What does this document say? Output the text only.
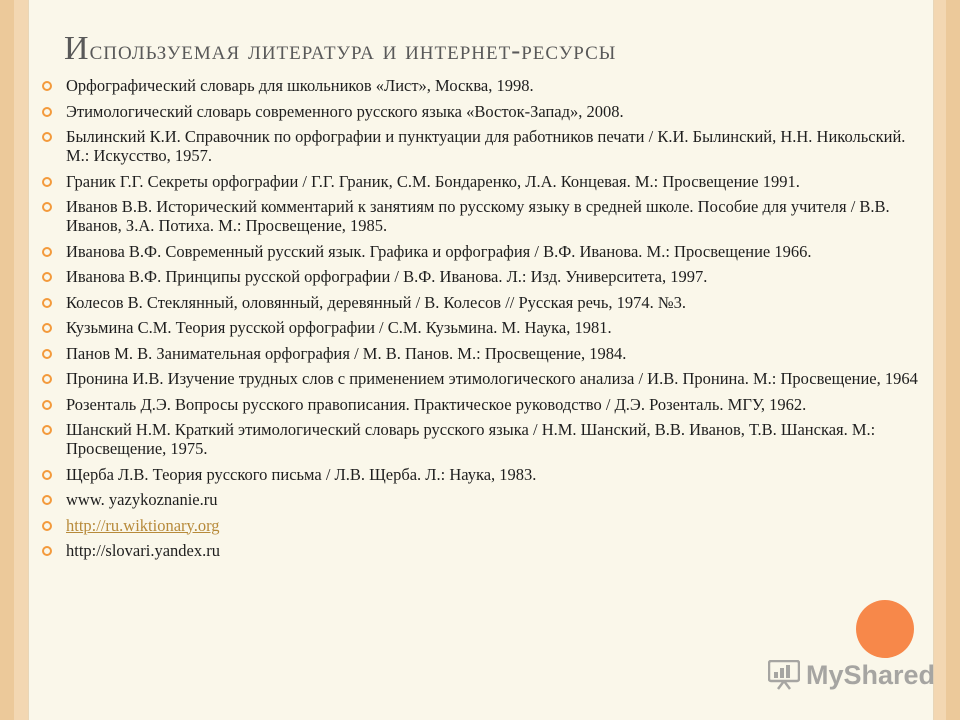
Используемая литература и интернет-ресурсы
Орфографический словарь для школьников «Лист», Москва, 1998.
Этимологический словарь современного русского языка «Восток-Запад», 2008.
Былинский К.И. Справочник по орфографии и пунктуации для работников печати / К.И. Былинский, Н.Н. Никольский. М.: Искусство, 1957.
Граник Г.Г. Секреты орфографии / Г.Г. Граник, С.М. Бондаренко, Л.А. Концевая. М.: Просвещение 1991.
Иванов В.В. Исторический комментарий к занятиям по русскому языку в средней школе. Пособие для учителя / В.В. Иванов, З.А. Потиха. М.: Просвещение, 1985.
Иванова В.Ф. Современный русский язык. Графика и орфография / В.Ф. Иванова. М.: Просвещение 1966.
Иванова В.Ф. Принципы русской орфографии / В.Ф. Иванова. Л.: Изд. Университета, 1997.
Колесов В. Стеклянный, оловянный, деревянный / В. Колесов // Русская речь, 1974. №3.
Кузьмина С.М. Теория русской орфографии / С.М. Кузьмина. М. Наука, 1981.
Панов М. В. Занимательная орфография / М. В. Панов. М.: Просвещение, 1984.
Пронина И.В. Изучение трудных слов с применением этимологического анализа / И.В. Пронина. М.: Просвещение, 1964
Розенталь Д.Э. Вопросы русского правописания. Практическое руководство / Д.Э. Розенталь. МГУ, 1962.
Шанский Н.М. Краткий этимологический словарь русского языка / Н.М. Шанский, В.В. Иванов, Т.В. Шанская. М.: Просвещение, 1975.
Щерба Л.В. Теория русского письма / Л.В. Щерба. Л.: Наука, 1983.
www. yazykoznanie.ru
http://ru.wiktionary.org
http://slovari.yandex.ru
MyShared
